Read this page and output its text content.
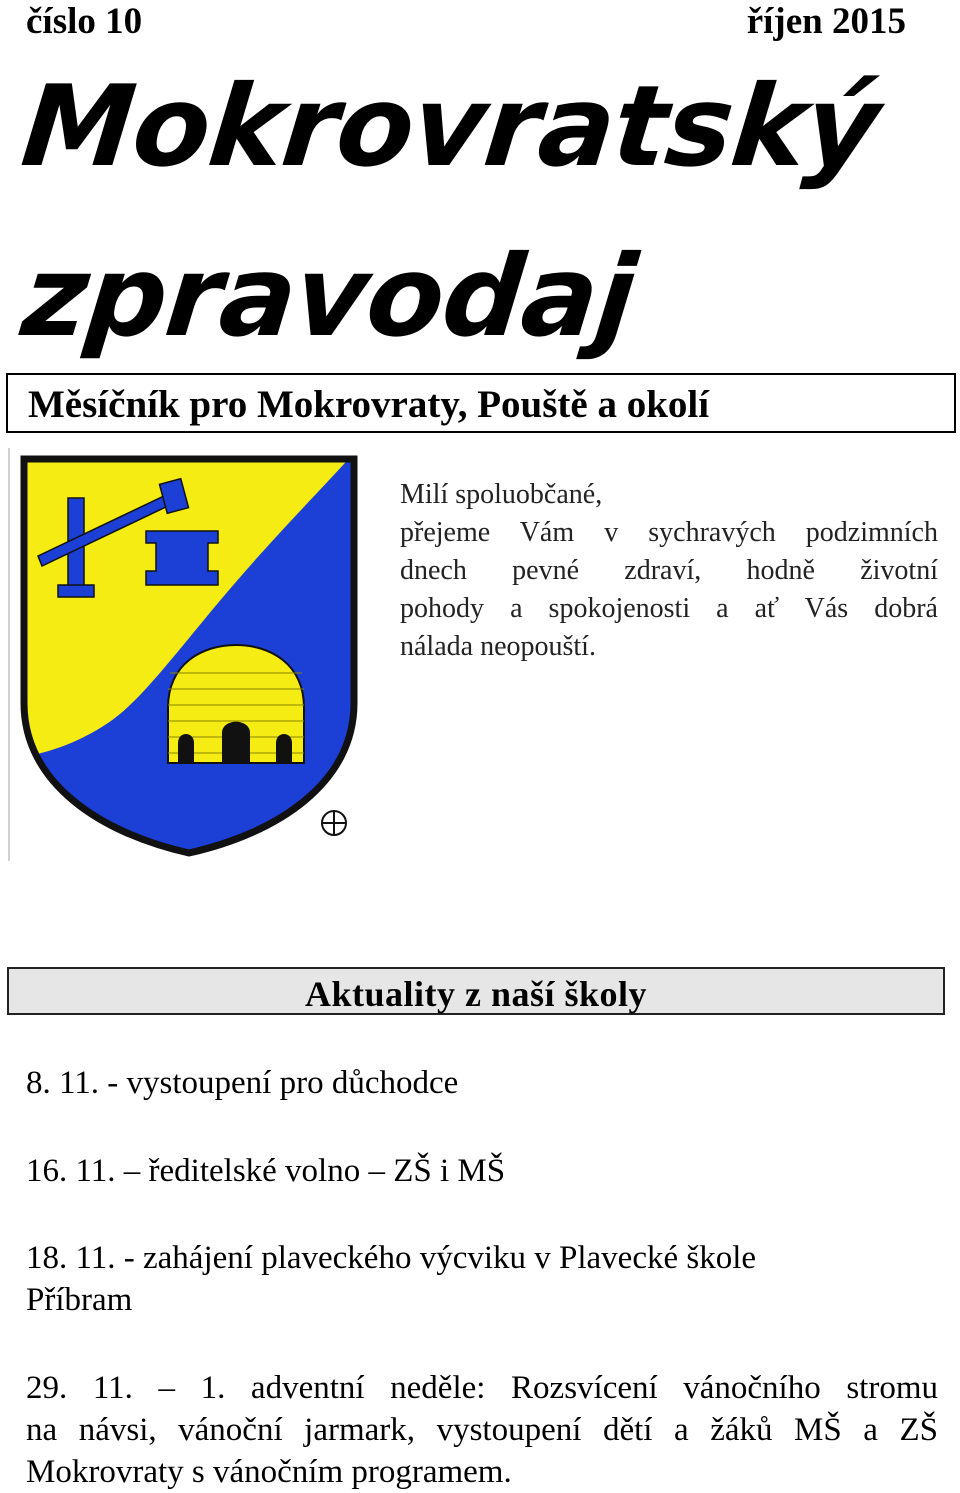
číslo 10	říjen 2015
Mokrovratský
zpravodaj
Měsíčník pro Mokrovraty, Pouště a okolí
Milí spoluobčané,
přejeme Vám v sychravých podzimních
dnech pevné zdraví, hodně životní
pohody a spokojenosti a ať Vás dobrá
nálada neopouští.
Aktuality z naší školy
8. 11. - vystoupení pro důchodce
16. 11. – ředitelské volno – ZŠ i MŠ
18. 11. - zahájení plaveckého výcviku v Plavecké škole
Příbram
29. 11. – 1. adventní neděle: Rozsvícení vánočního stromu
na návsi, vánoční jarmark, vystoupení dětí a žáků MŠ a ZŠ
Mokrovraty s vánočním programem.
